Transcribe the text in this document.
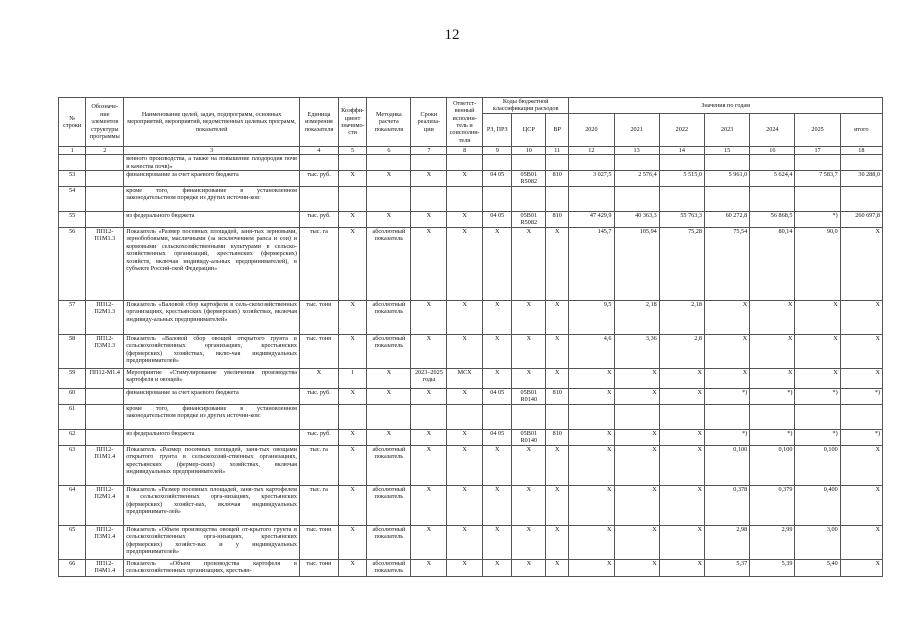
12
№ строки	Обозначе-ние элементов структуры программы	Наименование целей, задач, подпрограмм, основных мероприятий, мероприятий, ведомственных целевых программ, показателей	Единица измерения показателя	Коэффи-циент значимо-сти	Методика расчета показателя	Сроки реализа-ции	Ответст-венный исполни-тель и соисполни-тели	Коды бюджетной классификации расходов			Значения по годам						
								РЗ, ПРЗ	ЦСР	ВР	2020	2021	2022	2023	2024	2025	итого
1	2	3	4	5	6	7	8	9	10	11	12	13	14	15	16	17	18
		венного производства, а также на повышение плодородия почв и качества почв)»															
53		финансирование за счет краевого бюджета	тыс. руб.	X	X	X	X	04 05	05В01 R5082	810	3 027,5	2 576,4	5 515,0	5 961,0	5 624,4	7 583,7	30 288,0
54		кроме того, финансирование в установленном законодательством порядке из других источни-ков:															
55		из федерального бюджета	тыс. руб.	X	X	X	X	04 05	05В01 R5082	810	47 429,9	40 363,3	55 763,3	60 272,8	56 868,5	*)	260 697,8
56	ПП12-П1М1.3	Показатель «Размер посевных площадей, заня-тых зерновыми, зернобобовыми, масличными (за исключением рапса и сои) и кормовыми сельскохозяйственными культурами в сельско-хозяйственных организаций, крестьянских (фермерских) хозяйств, включая индивиду-альных предпринимателей), в субъекте Россий-ской Федерации»	тыс. га	X	абсолютный показатель	X	X	X	X	X	145,7	105,94	75,28	75,54	80,14	90,0	X
57	ПП12-П2М1.3	Показатель «Валовой сбор картофеля в сель-скохозяйственных организациях, крестьянских (фермерских) хозяйствах, включая индивиду-альных предпринимателей»	тыс. тонн	X	абсолютный показатель	X	X	X	X	X	9,5	2,18	2,18	X	X	X	X
58	ПП12-П3М1.3	Показатель «Валовой сбор овощей открытого грунта в сельскохозяйственных организациях, крестьянских (фермерских) хозяйствах, вклю-чая индивидуальных предпринимателей»	тыс. тонн	X	абсолютный показатель	X	X	X	X	X	4,6	3,36	2,8	X	X	X	X
59	ПП12-М1.4	Мероприятие «Стимулирование увеличения производства картофеля и овощей»	X	1	X	2023–2025 годы	МСХ	X	X	X	X	X	X	X	X	X	X
60		финансирование за счет краевого бюджета	тыс. руб.	X	X	X	X	04 05	05В01 R0140	810	X	X	X	*)	*)	*)	*)
61		кроме того, финансирование в установленном законодательством порядке из других источни-ков:															
62		из федерального бюджета	тыс. руб.	X	X	X	X	04 05	05В01 R0140	810	X	X	X	*)	*)	*)	*)
63	ПП12-П1М1.4	Показатель «Размер посевных площадей, заня-тых овощами открытого грунта в сельскохозяй-ственных организациях, крестьянских (фермер-ских) хозяйствах, включая индивидуальных предпринимателей»	тыс. га	X	абсолютный показатель	X	X	X	X	X	X	X	X	0,100	0,100	0,100	X
64	ПП12-П2М1.4	Показатель «Размер посевных площадей, заня-тых картофелем в сельскохозяйственных орга-низациях, крестьянских (фермерских) хозяйст-вах, включая индивидуальных предпринимате-лей»	тыс. га	X	абсолютный показатель	X	X	X	X	X	X	X	X	0,378	0,379	0,400	X
65	ПП12-П3М1.4	Показатель «Объем производства овощей от-крытого грунта в сельскохозяйственных орга-низациях, крестьянских (фермерских) хозяйст-вах и у индивидуальных предпринимателей»	тыс. тонн	X	абсолютный показатель	X	X	X	X	X	X	X	X	2,98	2,99	3,00	X
66	ПП12-П4М1.4	Показатель «Объем производства картофеля в сельскохозяйственных организациях, крестьян-	тыс. тонн	X	абсолютный показатель	X	X	X	X	X	X	X	X	5,37	5,39	5,40	X
